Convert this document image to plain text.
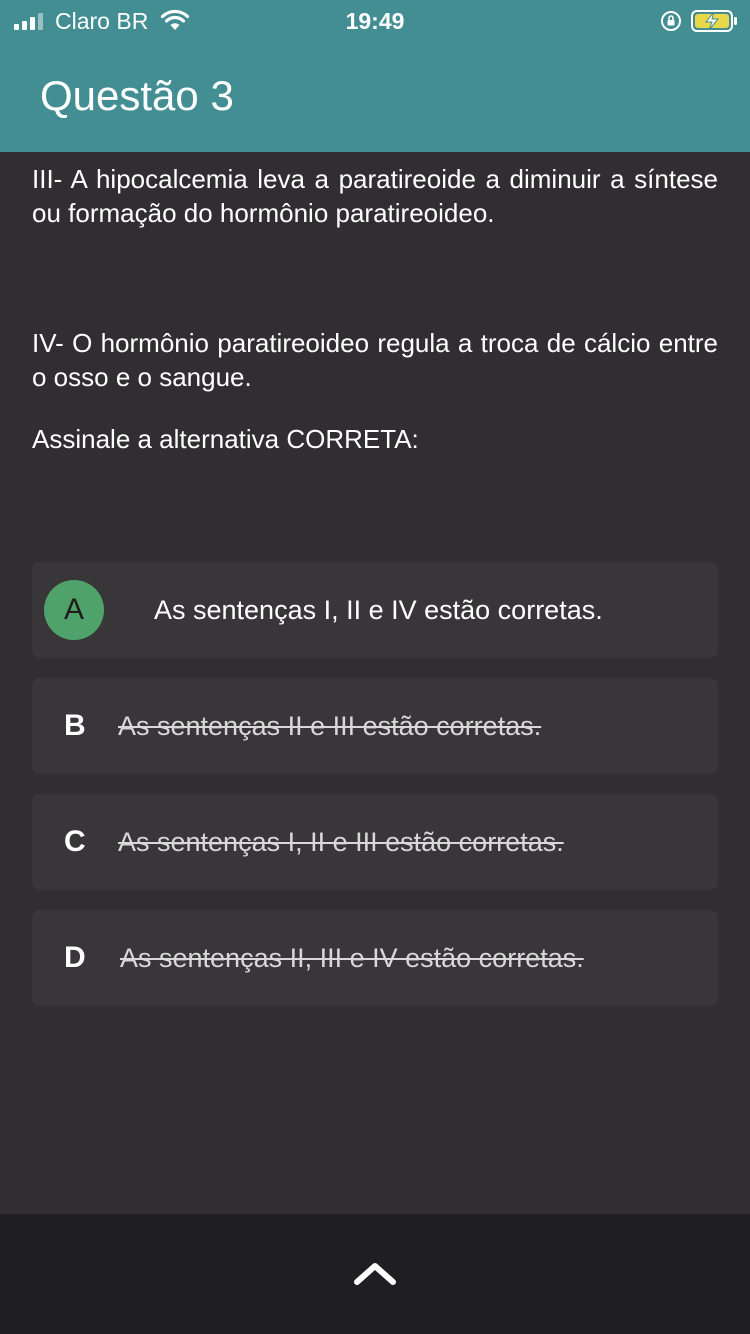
Claro BR	19:49
Questão 3

III- A hipocalcemia leva a paratireoide a diminuir a síntese ou formação do hormônio paratireoideo.

IV- O hormônio paratireoideo regula a troca de cálcio entre o osso e o sangue.

Assinale a alternativa CORRETA:

A	As sentenças I, II e IV estão corretas.
B As sentenças II e III estão corretas.
C As sentenças I, II e III estão corretas.
D As sentenças II, III e IV estão corretas.
